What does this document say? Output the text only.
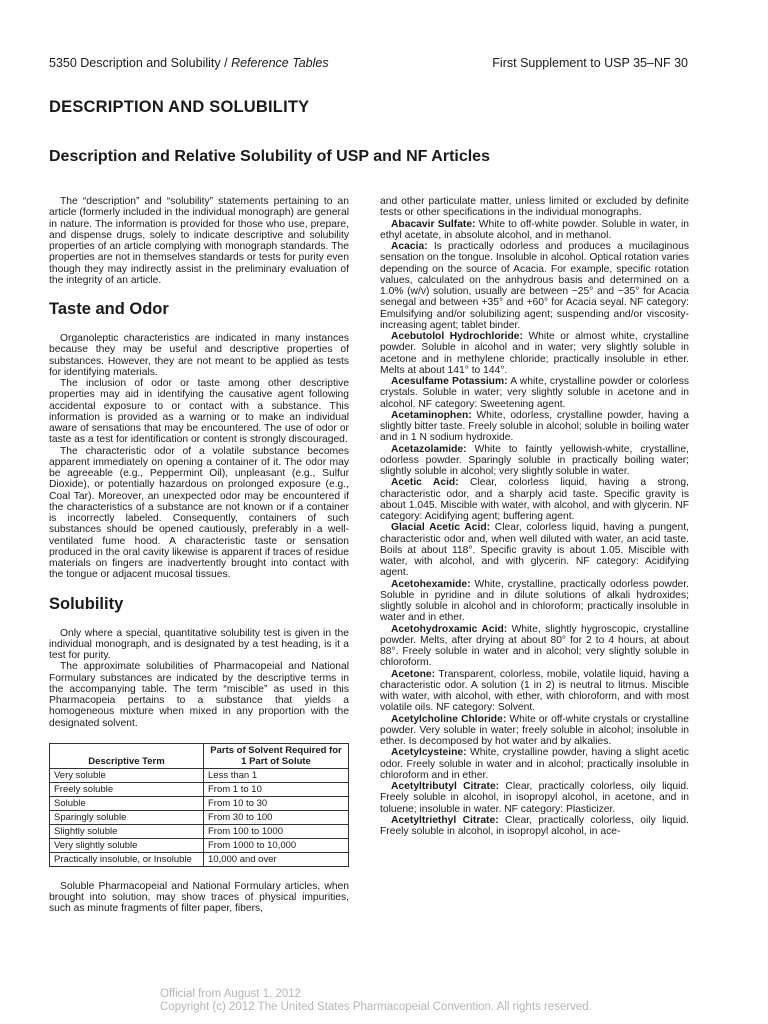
5350 Description and Solubility / Reference Tables	First Supplement to USP 35–NF 30
DESCRIPTION AND SOLUBILITY
Description and Relative Solubility of USP and NF Articles

The “description” and “solubility” statements pertaining to an article (formerly included in the individual monograph) are general in nature. The information is provided for those who use, prepare, and dispense drugs, solely to indicate descriptive and solubility properties of an article complying with monograph standards. The properties are not in themselves standards or tests for purity even though they may indirectly assist in the preliminary evaluation of the integrity of an article.

Taste and Odor

Organoleptic characteristics are indicated in many instances because they may be useful and descriptive properties of substances. However, they are not meant to be applied as tests for identifying materials.

The inclusion of odor or taste among other descriptive properties may aid in identifying the causative agent following accidental exposure to or contact with a substance. This information is provided as a warning or to make an individual aware of sensations that may be encountered. The use of odor or taste as a test for identification or content is strongly discouraged.

The characteristic odor of a volatile substance becomes apparent immediately on opening a container of it. The odor may be agreeable (e.g., Peppermint Oil), unpleasant (e.g., Sulfur Dioxide), or potentially hazardous on prolonged exposure (e.g., Coal Tar). Moreover, an unexpected odor may be encountered if the characteristics of a substance are not known or if a container is incorrectly labeled. Consequently, containers of such substances should be opened cautiously, preferably in a well-ventilated fume hood. A characteristic taste or sensation produced in the oral cavity likewise is apparent if traces of residue materials on fingers are inadvertently brought into contact with the tongue or adjacent mucosal tissues.

Solubility

Only where a special, quantitative solubility test is given in the individual monograph, and is designated by a test heading, is it a test for purity.

The approximate solubilities of Pharmacopeial and National Formulary substances are indicated by the descriptive terms in the accompanying table. The term “miscible” as used in this Pharmacopeia pertains to a substance that yields a homogeneous mixture when mixed in any proportion with the designated solvent.

Descriptive Term	Parts of Solvent Required for 1 Part of Solute
Very soluble	Less than 1
Freely soluble	From 1 to 10
Soluble	From 10 to 30
Sparingly soluble	From 30 to 100
Slightly soluble	From 100 to 1000
Very slightly soluble	From 1000 to 10,000
Practically insoluble, or Insoluble	10,000 and over

Soluble Pharmacopeial and National Formulary articles, when brought into solution, may show traces of physical impurities, such as minute fragments of filter paper, fibers,

and other particulate matter, unless limited or excluded by definite tests or other specifications in the individual monographs.

Abacavir Sulfate: White to off-white powder. Soluble in water, in ethyl acetate, in absolute alcohol, and in methanol.

Acacia: Is practically odorless and produces a mucilaginous sensation on the tongue. Insoluble in alcohol. Optical rotation varies depending on the source of Acacia. For example, specific rotation values, calculated on the anhydrous basis and determined on a 1.0% (w/v) solution, usually are between −25° and −35° for Acacia senegal and between +35° and +60° for Acacia seyal. NF category: Emulsifying and/or solubilizing agent; suspending and/or viscosity-increasing agent; tablet binder.

Acebutolol Hydrochloride: White or almost white, crystalline powder. Soluble in alcohol and in water; very slightly soluble in acetone and in methylene chloride; practically insoluble in ether. Melts at about 141° to 144°.

Acesulfame Potassium: A white, crystalline powder or colorless crystals. Soluble in water; very slightly soluble in acetone and in alcohol. NF category: Sweetening agent.

Acetaminophen: White, odorless, crystalline powder, having a slightly bitter taste. Freely soluble in alcohol; soluble in boiling water and in 1 N sodium hydroxide.

Acetazolamide: White to faintly yellowish-white, crystalline, odorless powder. Sparingly soluble in practically boiling water; slightly soluble in alcohol; very slightly soluble in water.

Acetic Acid: Clear, colorless liquid, having a strong, characteristic odor, and a sharply acid taste. Specific gravity is about 1.045. Miscible with water, with alcohol, and with glycerin. NF category: Acidifying agent; buffering agent.

Glacial Acetic Acid: Clear, colorless liquid, having a pungent, characteristic odor and, when well diluted with water, an acid taste. Boils at about 118°. Specific gravity is about 1.05. Miscible with water, with alcohol, and with glycerin. NF category: Acidifying agent.

Acetohexamide: White, crystalline, practically odorless powder. Soluble in pyridine and in dilute solutions of alkali hydroxides; slightly soluble in alcohol and in chloroform; practically insoluble in water and in ether.

Acetohydroxamic Acid: White, slightly hygroscopic, crystalline powder. Melts, after drying at about 80° for 2 to 4 hours, at about 88°. Freely soluble in water and in alcohol; very slightly soluble in chloroform.

Acetone: Transparent, colorless, mobile, volatile liquid, having a characteristic odor. A solution (1 in 2) is neutral to litmus. Miscible with water, with alcohol, with ether, with chloroform, and with most volatile oils. NF category: Solvent.

Acetylcholine Chloride: White or off-white crystals or crystalline powder. Very soluble in water; freely soluble in alcohol; insoluble in ether. Is decomposed by hot water and by alkalies.

Acetylcysteine: White, crystalline powder, having a slight acetic odor. Freely soluble in water and in alcohol; practically insoluble in chloroform and in ether.

Acetyltributyl Citrate: Clear, practically colorless, oily liquid. Freely soluble in alcohol, in isopropyl alcohol, in acetone, and in toluene; insoluble in water. NF category: Plasticizer.

Acetyltriethyl Citrate: Clear, practically colorless, oily liquid. Freely soluble in alcohol, in isopropyl alcohol, in ace-

Official from August 1, 2012
Copyright (c) 2012 The United States Pharmacopeial Convention. All rights reserved.
